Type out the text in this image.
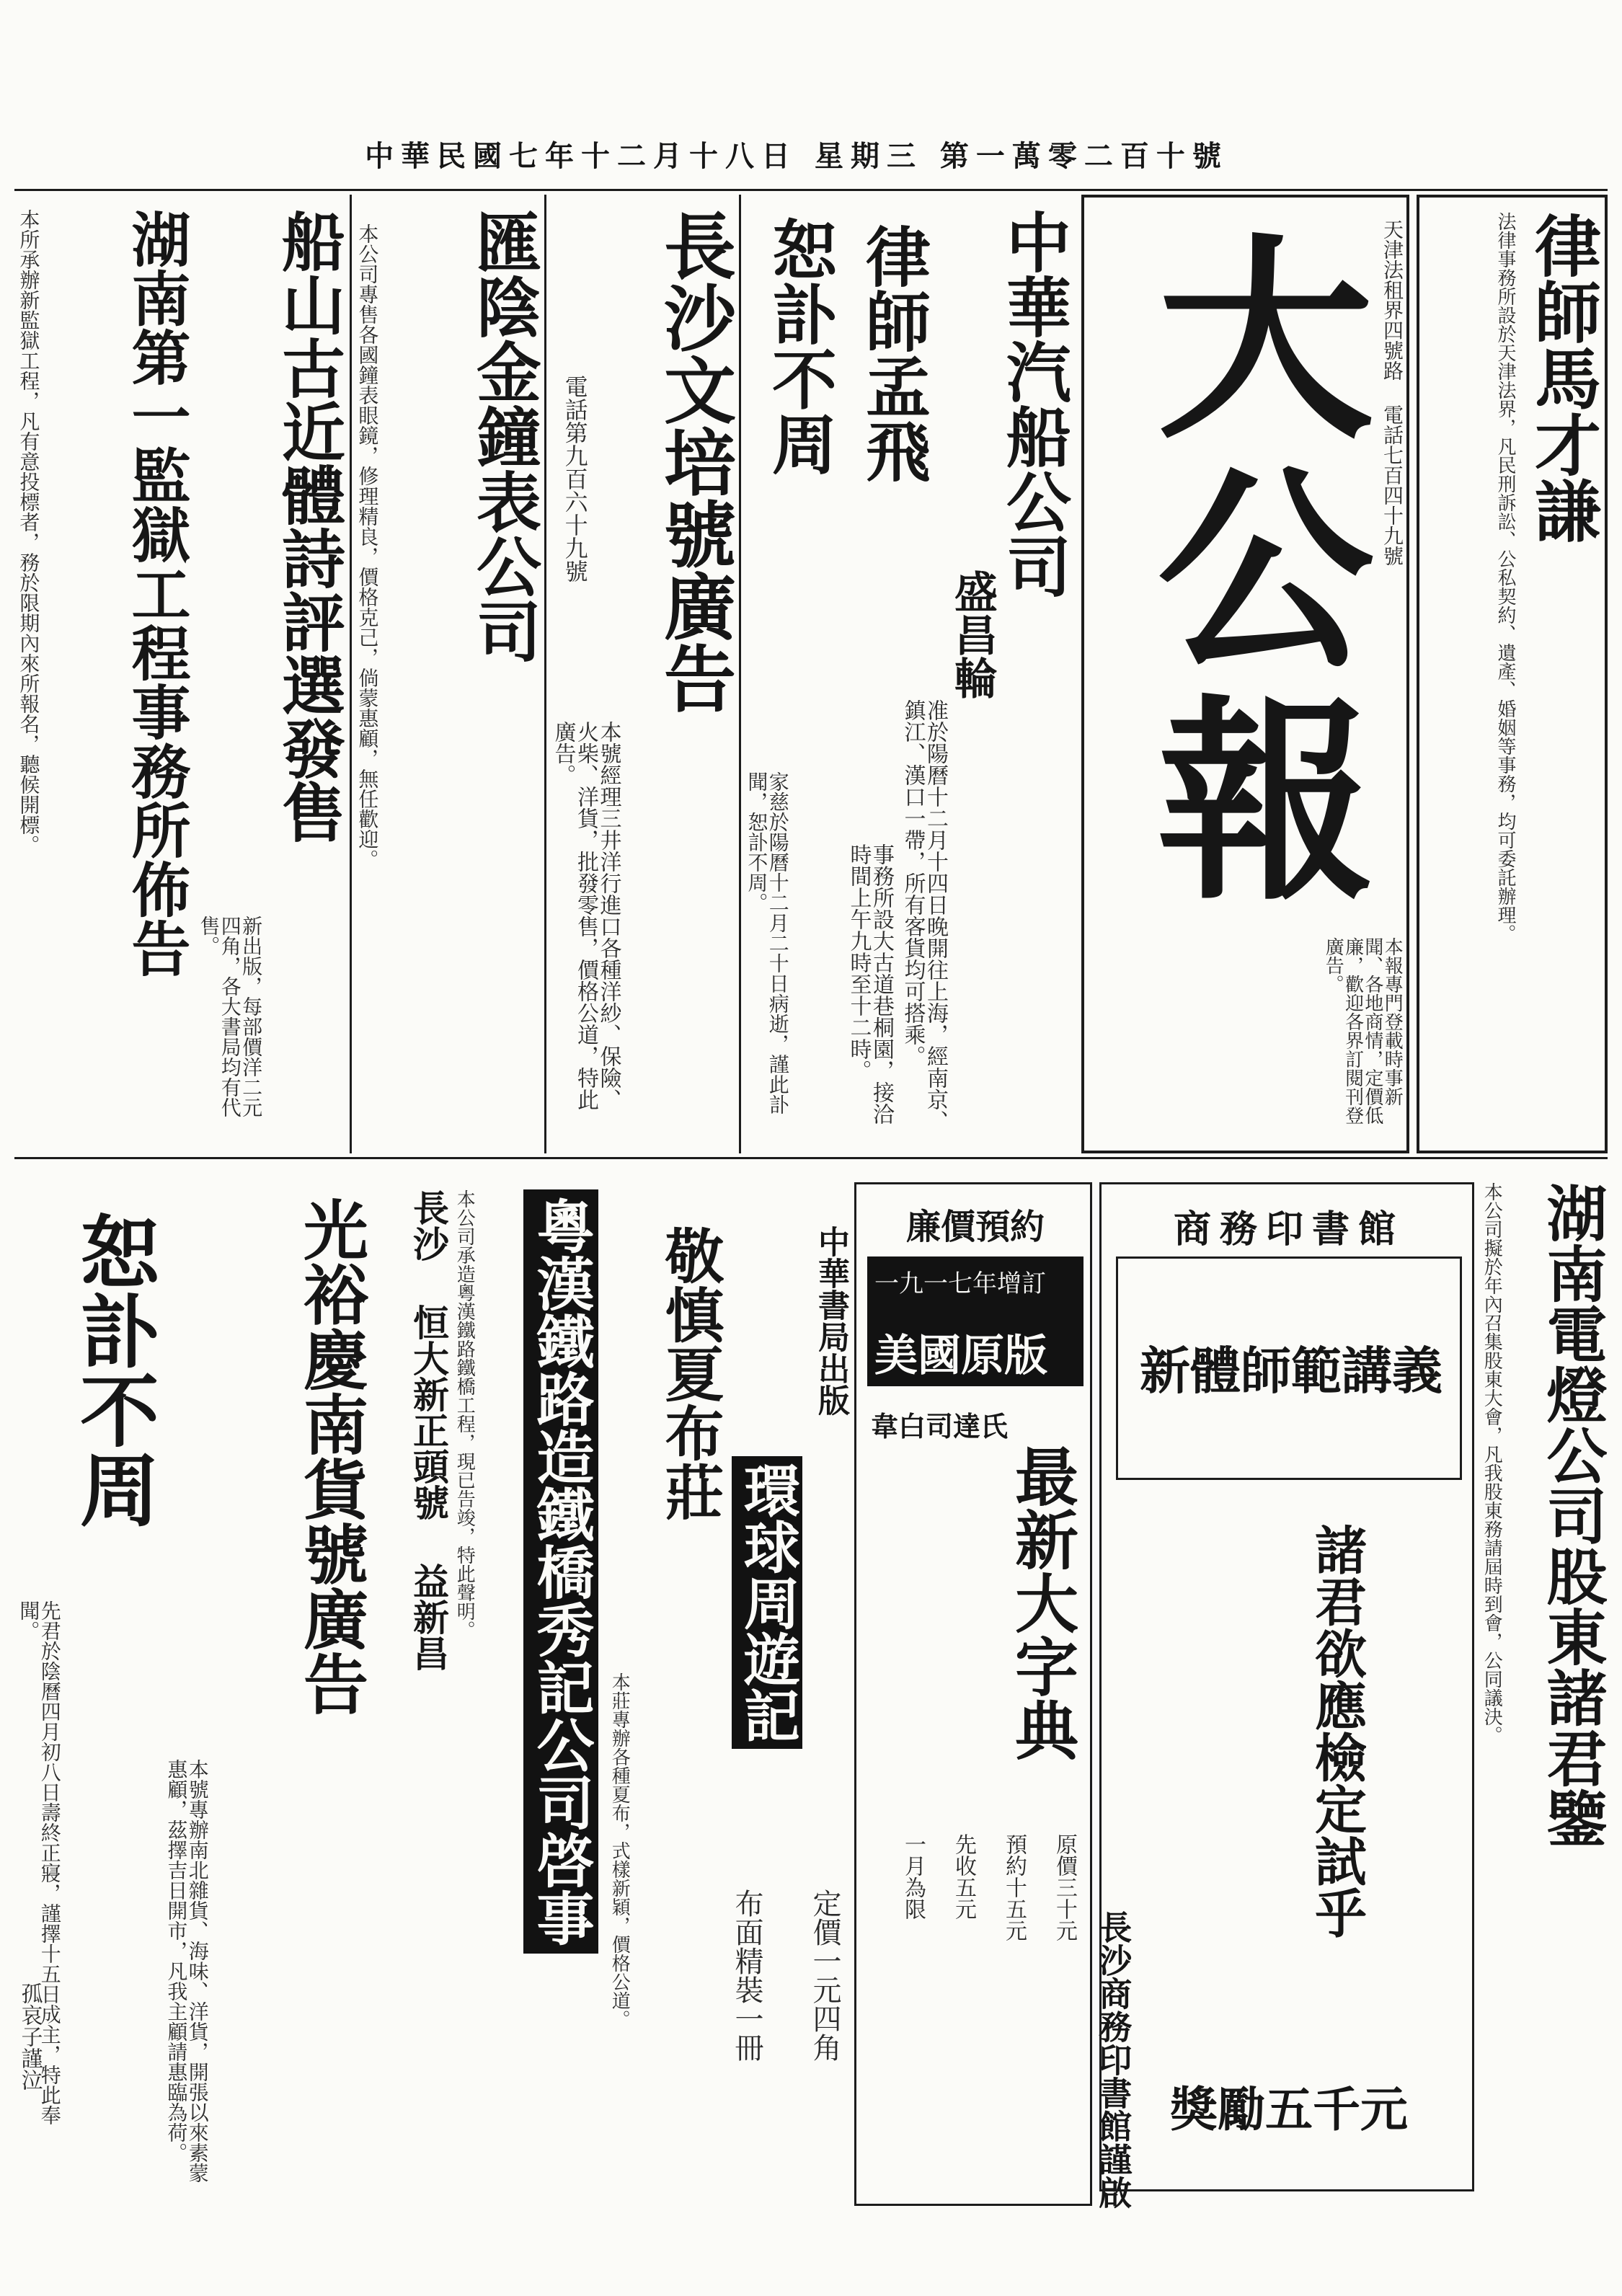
中華民國七年十二月十八日 星期三 第一萬零二百十號
律師馬才謙
法律事務所設於天津法界，凡民刑訴訟、公私契約、遺產、婚姻等事務，均可委託辦理。
天津法租界四號路 電話七百四十九號
大公報
本報專門登載時事新聞、各地商情，定價低廉，歡迎各界訂閱刊登廣告。
中華汽船公司
盛昌輪
准於陽曆十二月十四日晚開往上海，經南京、鎮江、漢口一帶，所有客貨均可搭乘。
律師孟飛
事務所設大古道巷桐園，接洽時間上午九時至十二時。
恕訃不周
家慈於陽曆十二月二十日病逝，謹此訃聞，恕訃不周。
長沙文培號廣告
電話第九百六十九號
本號經理三井洋行進口各種洋紗、保險、火柴、洋貨，批發零售，價格公道，特此廣告。
匯陰金鐘表公司
本公司專售各國鐘表眼鏡，修理精良，價格克己，倘蒙惠顧，無任歡迎。
船山古近體詩評選發售
新出版，每部價洋二元四角，各大書局均有代售。
湖南第一監獄工程事務所佈告
本所承辦新監獄工程，凡有意投標者，務於限期內來所報名，聽候開標。
恕訃不周
先君於陰曆四月初八日壽終正寢，謹擇十五日成主，特此奉聞。
孤哀子謹泣
光裕慶南貨號廣告 長沙 恒大新正頭號 益新昌
本號專辦南北雜貨、海味、洋貨，開張以來素蒙惠顧，茲擇吉日開市，凡我主顧請惠臨為荷。
粵漢鐵路造鐵橋秀記公司啓事
本公司承造粵漢鐵路鐵橋工程，現已告竣，特此聲明。	敬慎夏布莊
本莊專辦各種夏布，式樣新穎，價格公道。
中華書局出版
環球周遊記
定價一元四角
布面精裝一冊
廉價預約
一九一七年增訂
美國原版
韋白司達氏
最新大字典
原價三十元
預約十五元
先收五元
一月為限
長沙商務印書館謹啟
商務印書館
新體師範講義
諸君欲應檢定試乎
獎勵五千元
湖南電燈公司股東諸君鑒
本公司擬於年內召集股東大會，凡我股東務請屆時到會，公同議決。
